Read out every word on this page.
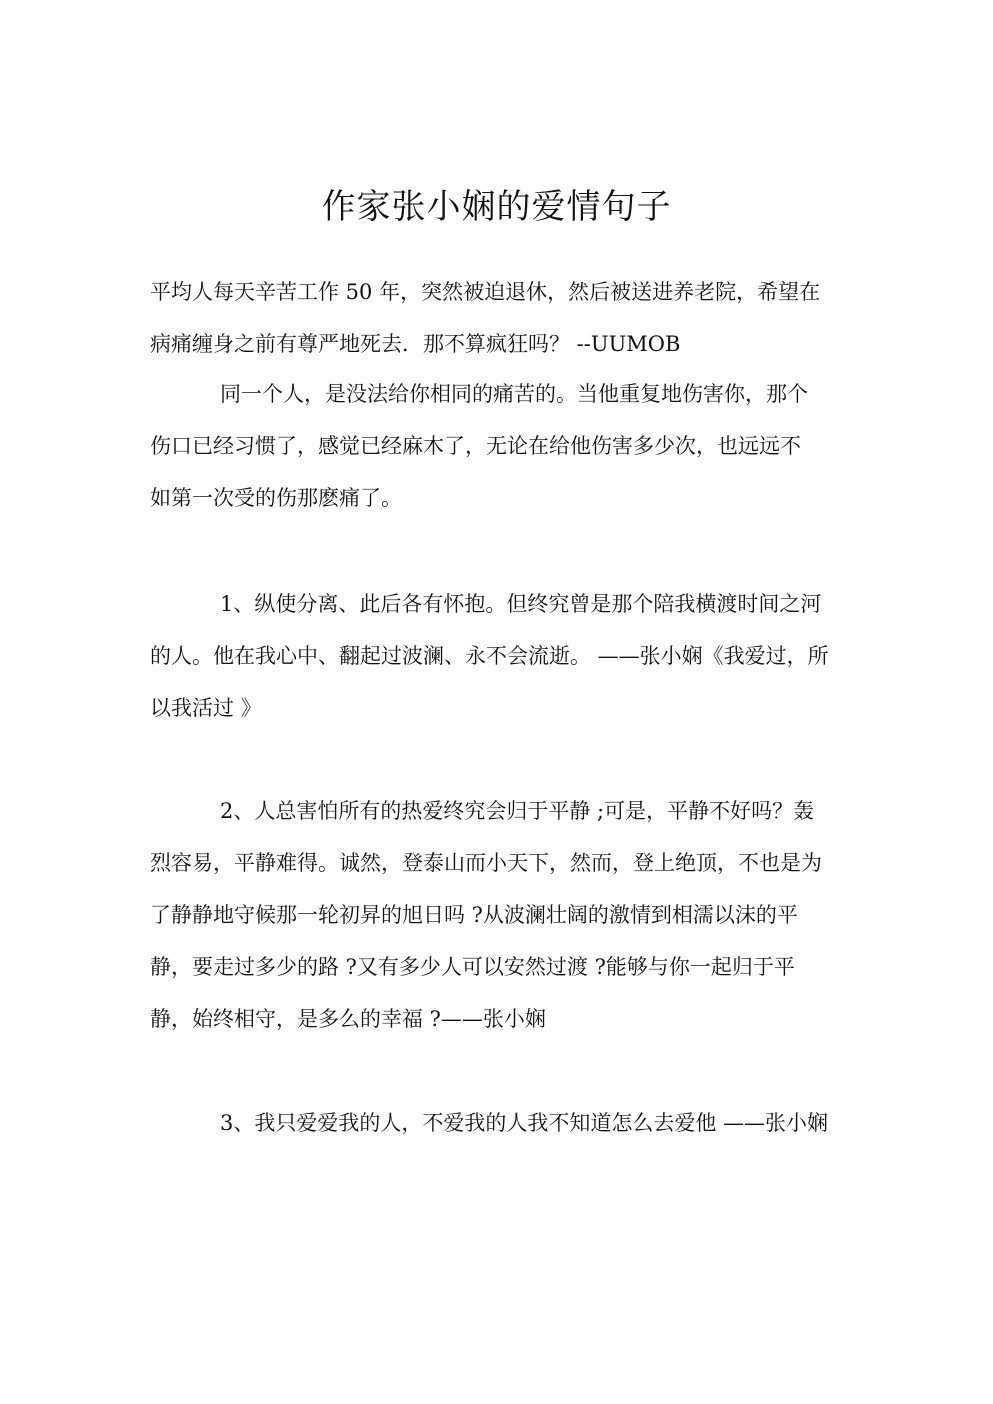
作家张小娴的爱情句子

平均人每天辛苦工作 50 年，突然被迫退休，然后被送进养老院，希望在病痛缠身之前有尊严地死去．那不算疯狂吗？ --UUMOB

同一个人，是没法给你相同的痛苦的。当他重复地伤害你，那个伤口已经习惯了，感觉已经麻木了，无论在给他伤害多少次，也远远不如第一次受的伤那麽痛了。

1、纵使分离、此后各有怀抱。但终究曾是那个陪我横渡时间之河的人。他在我心中、翻起过波澜、永不会流逝。 ——张小娴《我爱过，所以我活过 》

2、人总害怕所有的热爱终究会归于平静 ;可是，平静不好吗？轰烈容易，平静难得。诚然，登泰山而小天下，然而，登上绝顶，不也是为了静静地守候那一轮初昇的旭日吗 ?从波澜壮阔的激情到相濡以沫的平静，要走过多少的路 ?又有多少人可以安然过渡 ?能够与你一起归于平静，始终相守，是多么的幸福 ?——张小娴

3、我只爱爱我的人，不爱我的人我不知道怎么去爱他 ——张小娴
